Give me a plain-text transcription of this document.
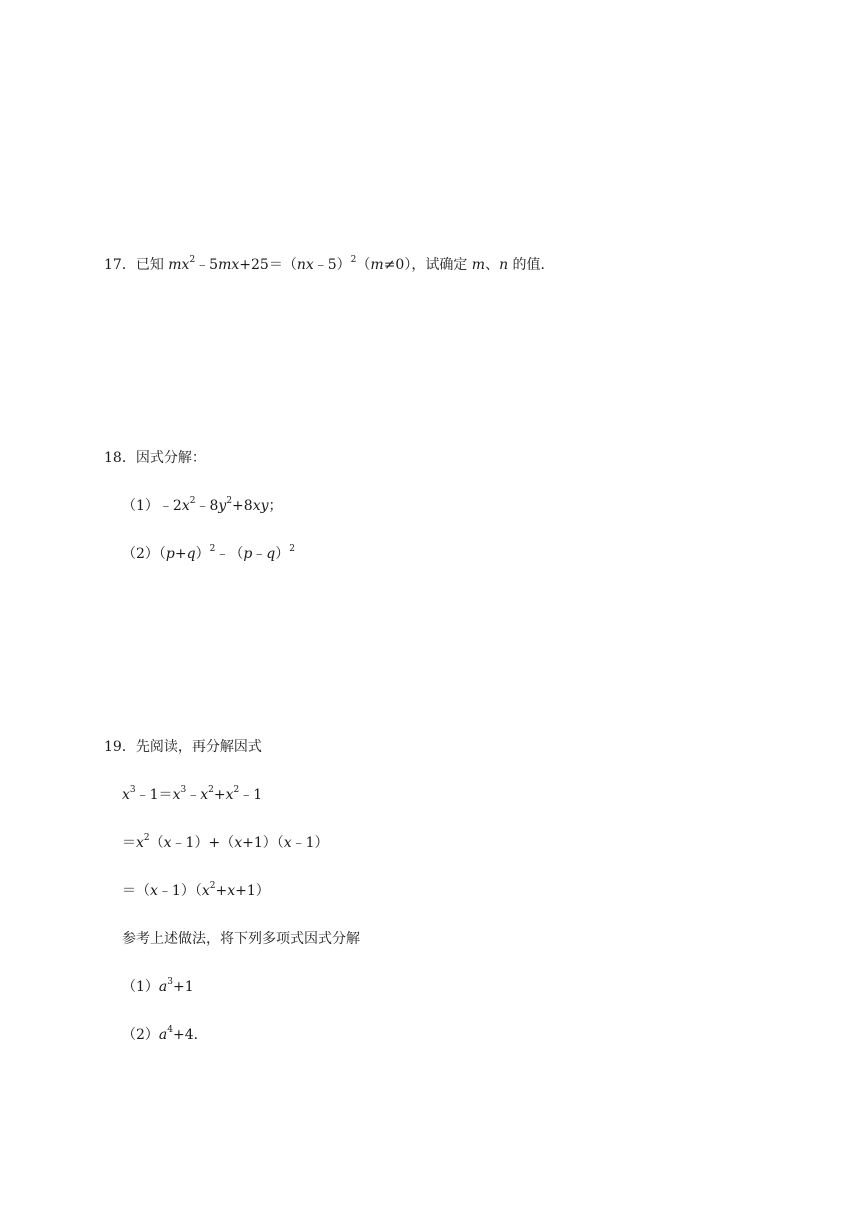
17．已知 $mx^2﹣5mx+25=(nx﹣5)^2(m\ne 0)$，试确定 m、n 的值．
18．因式分解：
$(1)﹣2x^2﹣8y^2+8xy$；
$(2)(p+q)^2﹣(p﹣q)^2$
19．先阅读，再分解因式
$x^3﹣1=x^3﹣x^2+x^2﹣1$
$=x^2(x﹣1)+(x+1)(x﹣1)$
$=(x﹣1)(x^2+x+1)$
参考上述做法，将下列多项式因式分解
$(1)a^3+1$
$(2)a^4+4$．
